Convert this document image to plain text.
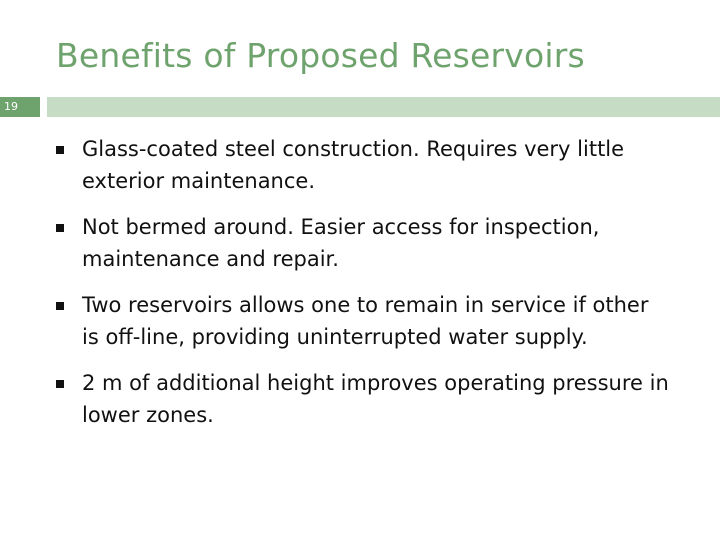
Benefits of Proposed Reservoirs
19
Glass-coated steel construction. Requires very little exterior maintenance.
Not bermed around. Easier access for inspection, maintenance and repair.
Two reservoirs allows one to remain in service if other is off-line, providing uninterrupted water supply.
2 m of additional height improves operating pressure in lower zones.
